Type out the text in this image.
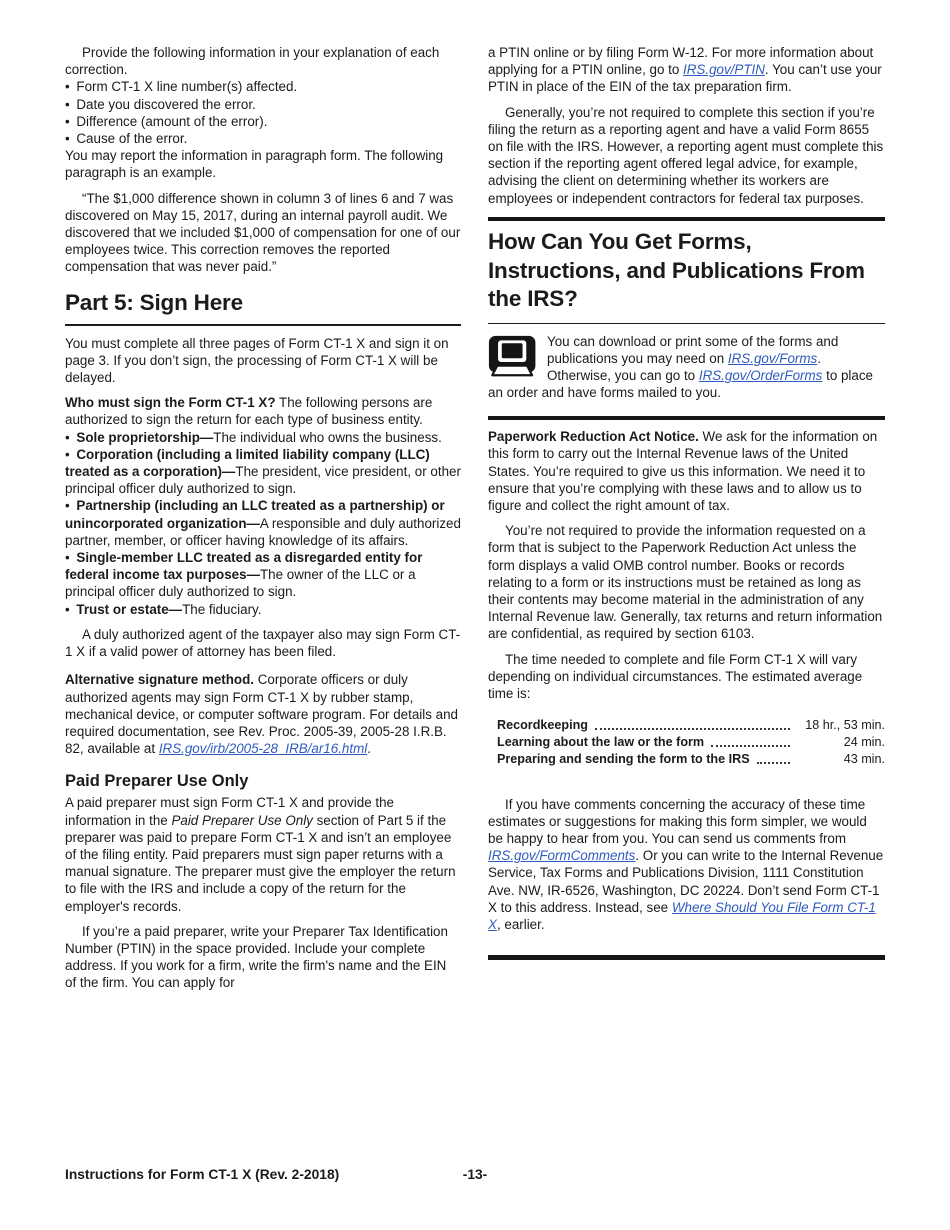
Provide the following information in your explanation of each correction.

• Form CT-1 X line number(s) affected.
• Date you discovered the error.
• Difference (amount of the error).
• Cause of the error.

You may report the information in paragraph form. The following paragraph is an example.

“The $1,000 difference shown in column 3 of lines 6 and 7 was discovered on May 15, 2017, during an internal payroll audit. We discovered that we included $1,000 of compensation for one of our employees twice. This correction removes the reported compensation that was never paid.”

Part 5: Sign Here

You must complete all three pages of Form CT-1 X and sign it on page 3. If you don’t sign, the processing of Form CT-1 X will be delayed.

Who must sign the Form CT-1 X? The following persons are authorized to sign the return for each type of business entity.

• Sole proprietorship—The individual who owns the business.
• Corporation (including a limited liability company (LLC) treated as a corporation)—The president, vice president, or other principal officer duly authorized to sign.
• Partnership (including an LLC treated as a partnership) or unincorporated organization—A responsible and duly authorized partner, member, or officer having knowledge of its affairs.
• Single-member LLC treated as a disregarded entity for federal income tax purposes—The owner of the LLC or a principal officer duly authorized to sign.
• Trust or estate—The fiduciary.

A duly authorized agent of the taxpayer also may sign Form CT-1 X if a valid power of attorney has been filed.

Alternative signature method. Corporate officers or duly authorized agents may sign Form CT-1 X by rubber stamp, mechanical device, or computer software program. For details and required documentation, see Rev. Proc. 2005-39, 2005-28 I.R.B. 82, available at IRS.gov/irb/2005-28_IRB/ar16.html.

Paid Preparer Use Only

A paid preparer must sign Form CT-1 X and provide the information in the Paid Preparer Use Only section of Part 5 if the preparer was paid to prepare Form CT-1 X and isn’t an employee of the filing entity. Paid preparers must sign paper returns with a manual signature. The preparer must give the employer the return to file with the IRS and include a copy of the return for the employer's records.

If you’re a paid preparer, write your Preparer Tax Identification Number (PTIN) in the space provided. Include your complete address. If you work for a firm, write the firm's name and the EIN of the firm. You can apply for

a PTIN online or by filing Form W-12. For more information about applying for a PTIN online, go to IRS.gov/PTIN. You can’t use your PTIN in place of the EIN of the tax preparation firm.

Generally, you’re not required to complete this section if you’re filing the return as a reporting agent and have a valid Form 8655 on file with the IRS. However, a reporting agent must complete this section if the reporting agent offered legal advice, for example, advising the client on determining whether its workers are employees or independent contractors for federal tax purposes.

How Can You Get Forms, Instructions, and Publications From the IRS?

You can download or print some of the forms and publications you may need on IRS.gov/Forms. Otherwise, you can go to IRS.gov/OrderForms to place an order and have forms mailed to you.

Paperwork Reduction Act Notice. We ask for the information on this form to carry out the Internal Revenue laws of the United States. You’re required to give us this information. We need it to ensure that you’re complying with these laws and to allow us to figure and collect the right amount of tax.

You’re not required to provide the information requested on a form that is subject to the Paperwork Reduction Act unless the form displays a valid OMB control number. Books or records relating to a form or its instructions must be retained as long as their contents may become material in the administration of any Internal Revenue law. Generally, tax returns and return information are confidential, as required by section 6103.

The time needed to complete and file Form CT-1 X will vary depending on individual circumstances. The estimated average time is:

Recordkeeping	18 hr., 53 min.
Learning about the law or the form	24 min.
Preparing and sending the form to the IRS	43 min.

If you have comments concerning the accuracy of these time estimates or suggestions for making this form simpler, we would be happy to hear from you. You can send us comments from IRS.gov/FormComments. Or you can write to the Internal Revenue Service, Tax Forms and Publications Division, 1111 Constitution Ave. NW, IR-6526, Washington, DC 20224. Don’t send Form CT-1 X to this address. Instead, see Where Should You File Form CT-1 X, earlier.

-13-
Instructions for Form CT-1 X (Rev. 2-2018)
